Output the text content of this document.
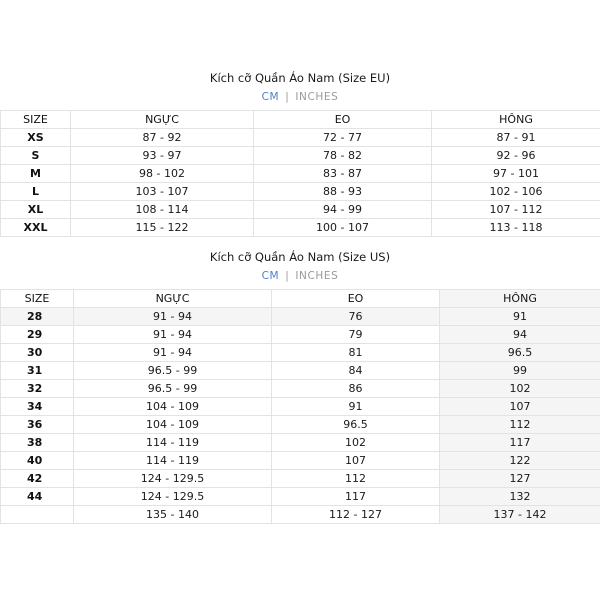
Kích cỡ Quần Áo Nam (Size EU)
CM | INCHES
SIZE	NGỰC	EO	HÔNG
XS	87 - 92	72 - 77	87 - 91
S	93 - 97	78 - 82	92 - 96
M	98 - 102	83 - 87	97 - 101
L	103 - 107	88 - 93	102 - 106
XL	108 - 114	94 - 99	107 - 112
XXL	115 - 122	100 - 107	113 - 118
Kích cỡ Quần Áo Nam (Size US)
CM | INCHES
SIZE	NGỰC	EO	HÔNG
28	91 - 94	76	91
29	91 - 94	79	94
30	91 - 94	81	96.5
31	96.5 - 99	84	99
32	96.5 - 99	86	102
34	104 - 109	91	107
36	104 - 109	96.5	112
38	114 - 119	102	117
40	114 - 119	107	122
42	124 - 129.5	112	127
44	124 - 129.5	117	132
	135 - 140	112 - 127	137 - 142
